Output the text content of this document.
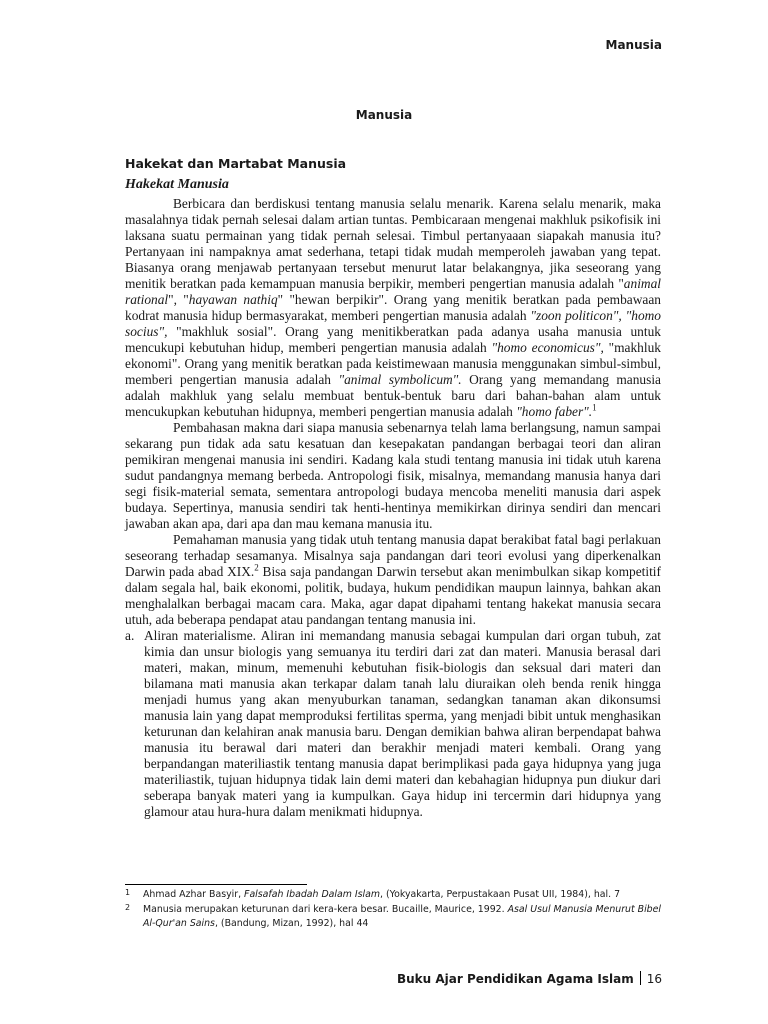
Manusia
Manusia
Hakekat dan Martabat Manusia
Hakekat Manusia

Berbicara dan berdiskusi tentang manusia selalu menarik. Karena selalu menarik, maka masalahnya tidak pernah selesai dalam artian tuntas. Pembicaraan mengenai makhluk psikofisik ini laksana suatu permainan yang tidak pernah selesai. Timbul pertanyaaan siapakah manusia itu? Pertanyaan ini nampaknya amat sederhana, tetapi tidak mudah memperoleh jawaban yang tepat. Biasanya orang menjawab pertanyaan tersebut menurut latar belakangnya, jika seseorang yang menitik beratkan pada kemampuan manusia berpikir, memberi pengertian manusia adalah "animal rational", "hayawan nathiq" "hewan berpikir". Orang yang menitik beratkan pada pembawaan kodrat manusia hidup bermasyarakat, memberi pengertian manusia adalah "zoon politicon", "homo socius", "makhluk sosial". Orang yang menitikberatkan pada adanya usaha manusia untuk mencukupi kebutuhan hidup, memberi pengertian manusia adalah "homo economicus", "makhluk ekonomi". Orang yang menitik beratkan pada keistimewaan manusia menggunakan simbul-simbul, memberi pengertian manusia adalah "animal symbolicum". Orang yang memandang manusia adalah makhluk yang selalu membuat bentuk-bentuk baru dari bahan-bahan alam untuk mencukupkan kebutuhan hidupnya, memberi pengertian manusia adalah "homo faber".$^1$

Pembahasan makna dari siapa manusia sebenarnya telah lama berlangsung, namun sampai sekarang pun tidak ada satu kesatuan dan kesepakatan pandangan berbagai teori dan aliran pemikiran mengenai manusia ini sendiri. Kadang kala studi tentang manusia ini tidak utuh karena sudut pandangnya memang berbeda. Antropologi fisik, misalnya, memandang manusia hanya dari segi fisik-material semata, sementara antropologi budaya mencoba meneliti manusia dari aspek budaya. Sepertinya, manusia sendiri tak henti-hentinya memikirkan dirinya sendiri dan mencari jawaban akan apa, dari apa dan mau kemana manusia itu.

Pemahaman manusia yang tidak utuh tentang manusia dapat berakibat fatal bagi perlakuan seseorang terhadap sesamanya. Misalnya saja pandangan dari teori evolusi yang diperkenalkan Darwin pada abad XIX.$^2$ Bisa saja pandangan Darwin tersebut akan menimbulkan sikap kompetitif dalam segala hal, baik ekonomi, politik, budaya, hukum pendidikan maupun lainnya, bahkan akan menghalalkan berbagai macam cara. Maka, agar dapat dipahami tentang hakekat manusia secara utuh, ada beberapa pendapat atau pandangan tentang manusia ini.

a. Aliran materialisme. Aliran ini memandang manusia sebagai kumpulan dari organ tubuh, zat kimia dan unsur biologis yang semuanya itu terdiri dari zat dan materi. Manusia berasal dari materi, makan, minum, memenuhi kebutuhan fisik-biologis dan seksual dari materi dan bilamana mati manusia akan terkapar dalam tanah lalu diuraikan oleh benda renik hingga menjadi humus yang akan menyuburkan tanaman, sedangkan tanaman akan dikonsumsi manusia lain yang dapat memproduksi fertilitas sperma, yang menjadi bibit untuk menghasikan keturunan dan kelahiran anak manusia baru. Dengan demikian bahwa aliran berpendapat bahwa manusia itu berawal dari materi dan berakhir menjadi materi kembali. Orang yang berpandangan materiliastik tentang manusia dapat berimplikasi pada gaya hidupnya yang juga materiliastik, tujuan hidupnya tidak lain demi materi dan kebahagian hidupnya pun diukur dari seberapa banyak materi yang ia kumpulkan. Gaya hidup ini tercermin dari hidupnya yang glamour atau hura-hura dalam menikmati hidupnya.
1 Ahmad Azhar Basyir, Falsafah Ibadah Dalam Islam, (Yokyakarta, Perpustakaan Pusat UII, 1984), hal. 7
2 Manusia merupakan keturunan dari kera-kera besar. Bucaille, Maurice, 1992. Asal Usul Manusia Menurut Bibel Al-Qur'an Sains, (Bandung, Mizan, 1992), hal 44
Buku Ajar Pendidikan Agama Islam 16
